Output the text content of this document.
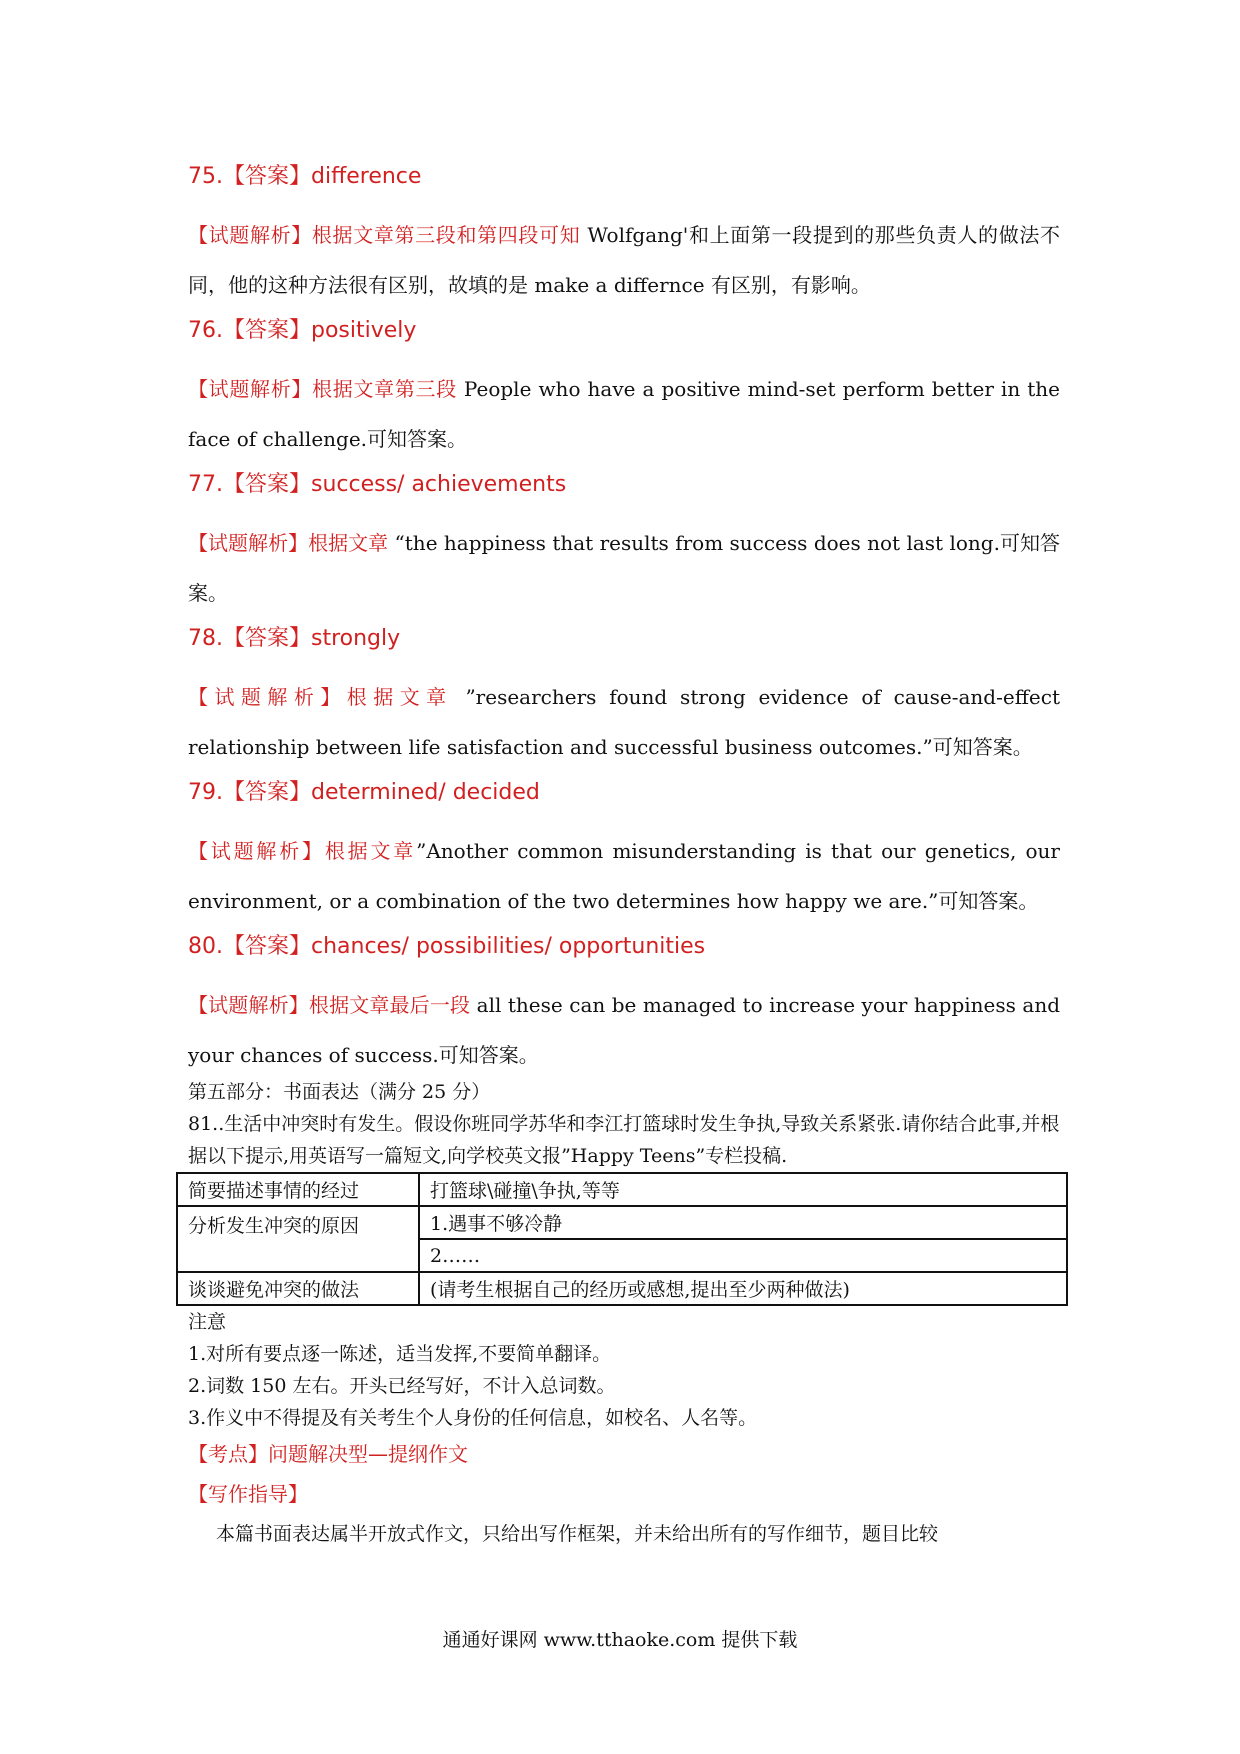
75.【答案】difference

【试题解析】根据文章第三段和第四段可知 Wolfgang'和上面第一段提到的那些负责人的做法不同，他的这种方法很有区别，故填的是 make a differnce 有区别，有影响。

76.【答案】positively

【试题解析】根据文章第三段 People who have a positive mind-set perform better in the face of challenge.可知答案。

77.【答案】success/ achievements

【试题解析】根据文章 “the happiness that results from success does not last long.可知答案。

78.【答案】strongly

【试题解析】根据文章 ”researchers found strong evidence of cause-and-effect relationship between life satisfaction and successful business outcomes.”可知答案。

79.【答案】determined/ decided

【试题解析】根据文章”Another common misunderstanding is that our genetics, our environment, or a combination of the two determines how happy we are.”可知答案。

80.【答案】chances/ possibilities/ opportunities

【试题解析】根据文章最后一段 all these can be managed to increase your happiness and your chances of success.可知答案。

第五部分：书面表达（满分 25 分）

81..生活中冲突时有发生。假设你班同学苏华和李江打篮球时发生争执,导致关系紧张.请你结合此事,并根据以下提示,用英语写一篇短文,向学校英文报”Happy Teens”专栏投稿.

简要描述事情的经过	打篮球\碰撞\争执,等等
分析发生冲突的原因	1.遇事不够冷静
	2……
谈谈避免冲突的做法	(请考生根据自己的经历或感想,提出至少两种做法)

注意

1.对所有要点逐一陈述，适当发挥,不要简单翻译。

2.词数 150 左右。开头已经写好，不计入总词数。

3.作义中不得提及有关考生个人身份的任何信息，如校名、人名等。

【考点】问题解决型—提纲作文

【写作指导】

本篇书面表达属半开放式作文，只给出写作框架，并未给出所有的写作细节，题目比较

通通好课网 www.tthaoke.com 提供下载
